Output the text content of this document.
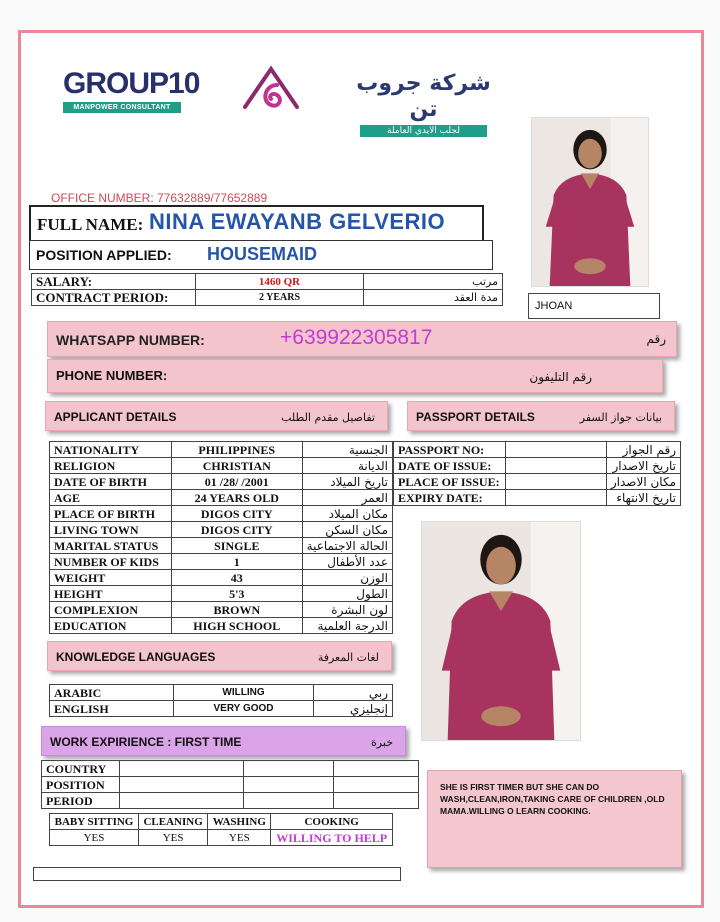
GROUP10
MANPOWER CONSULTANT
شركة جروب تن
لجلب الايدي العاملة
OFFICE NUMBER: 77632889/77652889
FULL NAME: NINA EWAYANB GELVERIO
POSITION APPLIED: HOUSEMAID
SALARY:	1460 QR	مرتب
CONTRACT PERIOD:	2 YEARS	مدة العقد
JHOAN
WHATSAPP NUMBER:	+639922305817	رقم
PHONE NUMBER:	رقم التليفون
APPLICANT DETAILS	تفاصيل مقدم الطلب	PASSPORT DETAILS	بيانات جواز السفر
NATIONALITY	PHILIPPINES	الجنسية
RELIGION	CHRISTIAN	الديانة
DATE OF BIRTH	01 /28/ /2001	تاريخ الميلاد
AGE	24 YEARS OLD	العمر
PLACE OF BIRTH	DIGOS CITY	مكان الميلاد
LIVING TOWN	DIGOS CITY	مكان السكن
MARITAL STATUS	SINGLE	الحالة الاجتماعية
NUMBER OF KIDS	1	عدد الأطفال
WEIGHT	43	الوزن
HEIGHT	5'3	الطول
COMPLEXION	BROWN	لون البشرة
EDUCATION	HIGH SCHOOL	الدرجة العلمية
PASSPORT NO:		رقم الجواز
DATE OF ISSUE:		تاريخ الاصدار
PLACE OF ISSUE:		مكان الاصدار
EXPIRY DATE:		تاريخ الانتهاء
KNOWLEDGE LANGUAGES	لغات المعرفة
ARABIC	WILLING	ربي
ENGLISH	VERY GOOD	إنجليزي
WORK EXPIRIENCE : FIRST TIME	خبرة
COUNTRY			
POSITION			
PERIOD			
BABY SITTING	CLEANING	WASHING	COOKING
YES	YES	YES	WILLING TO HELP
SHE IS FIRST TIMER BUT SHE CAN DO WASH,CLEAN,IRON,TAKING CARE OF CHILDREN ,OLD MAMA.WILLING O LEARN COOKING.
